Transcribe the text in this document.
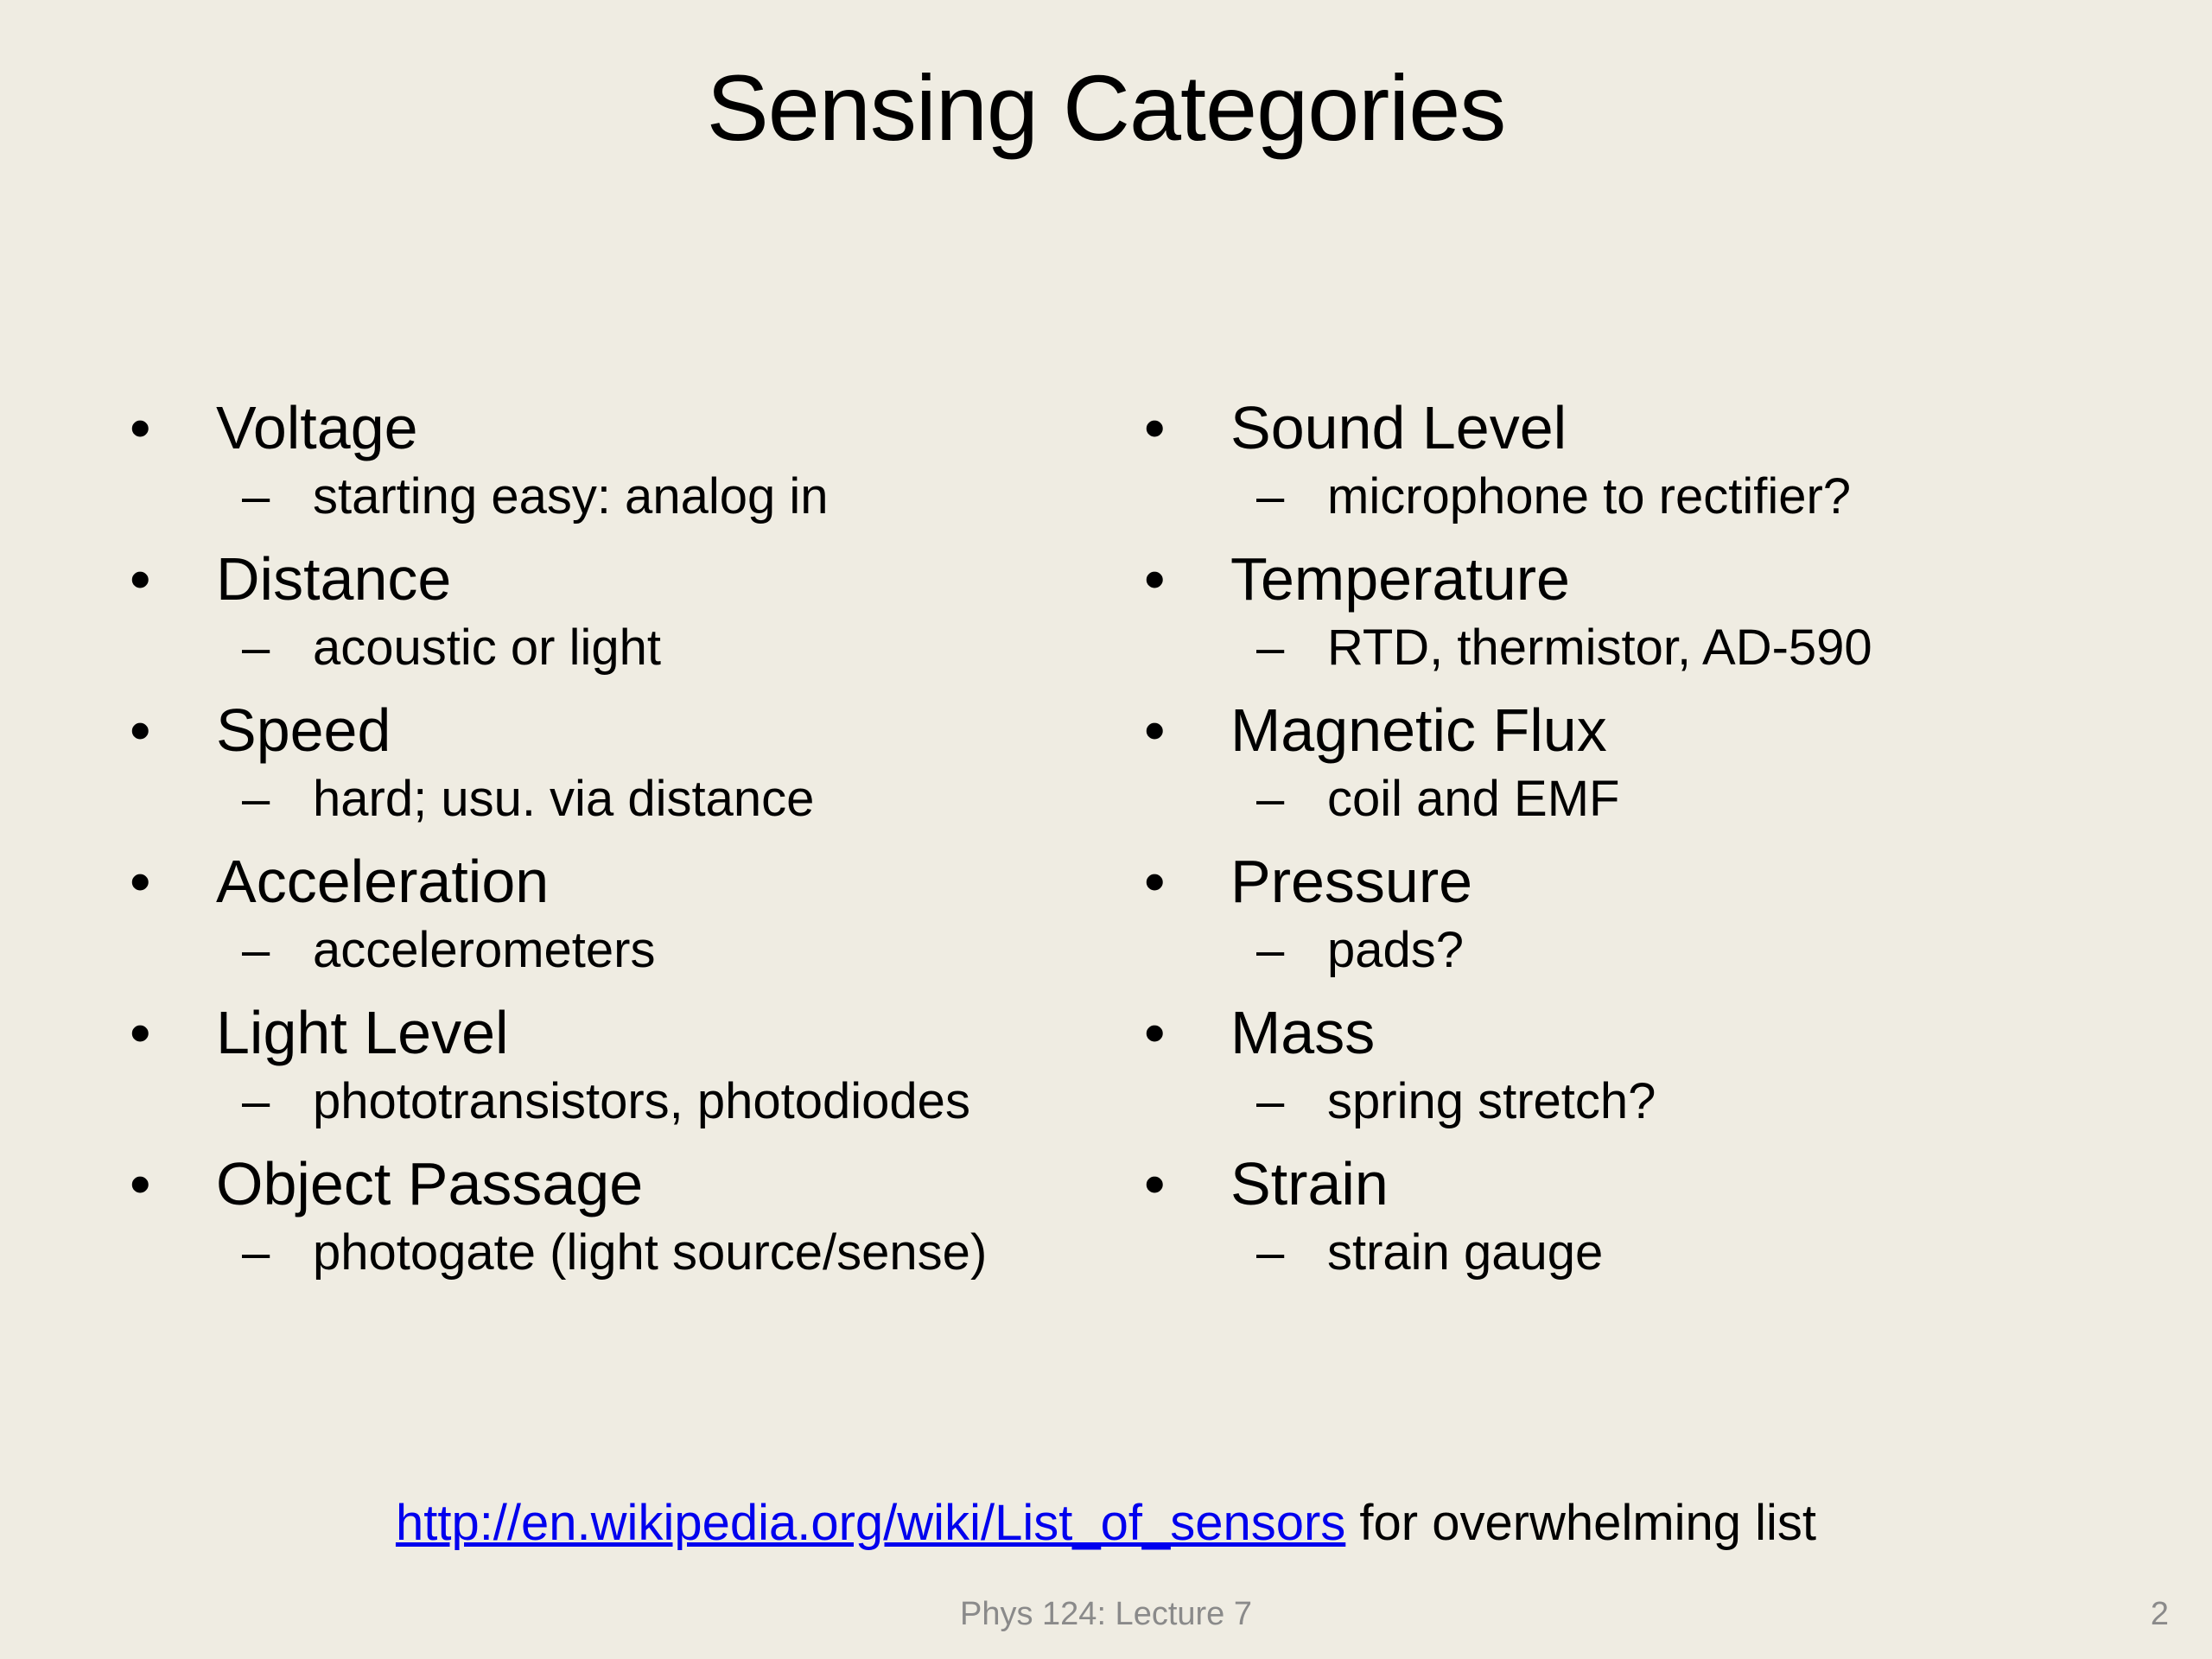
Sensing Categories
• Voltage
– starting easy: analog in
• Distance
– acoustic or light
• Speed
– hard; usu. via distance
• Acceleration
– accelerometers
• Light Level
– phototransistors, photodiodes
• Object Passage
– photogate (light source/sense)
• Sound Level
– microphone to rectifier?
• Temperature
– RTD, thermistor, AD-590
• Magnetic Flux
– coil and EMF
• Pressure
– pads?
• Mass
– spring stretch?
• Strain
– strain gauge
http://en.wikipedia.org/wiki/List_of_sensors for overwhelming list
Phys 124: Lecture 7	2
